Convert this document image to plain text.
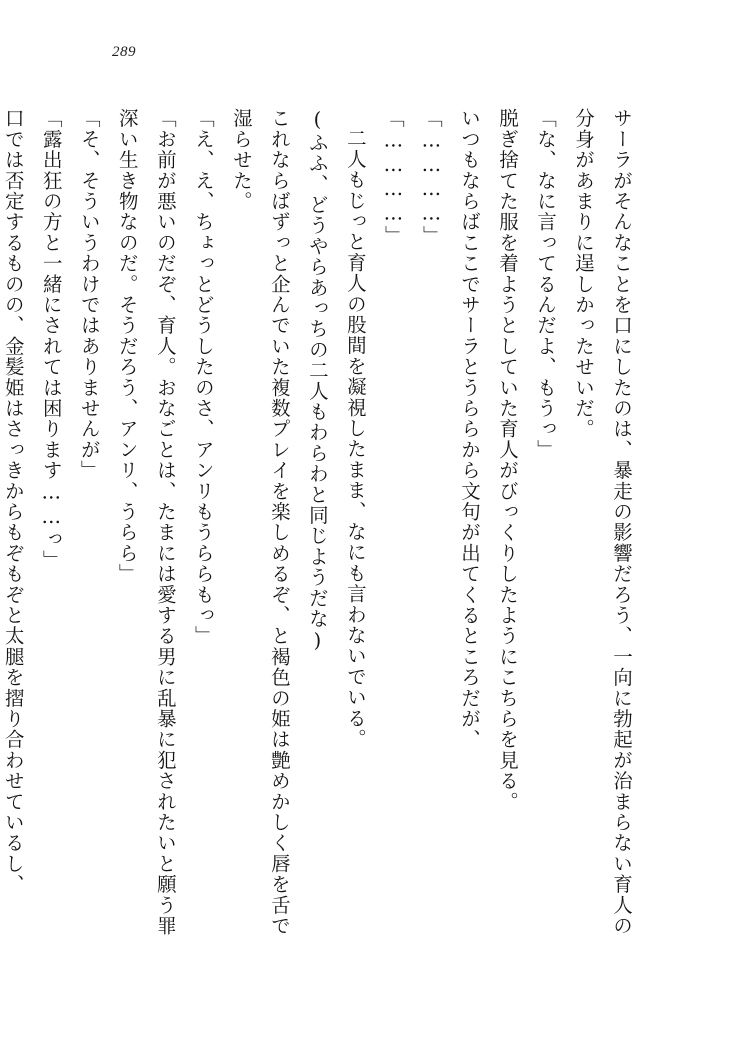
289

サーラがそんなことを口にしたのは、暴走の影響だろう、一向に勃起が治まらない育人の分身があまりに逞しかったせいだ。

「な、なに言ってるんだよ、もうっ」

脱ぎ捨てた服を着ようとしていた育人がびっくりしたようにこちらを見る。

いつもならばここでサーラとうららから文句が出てくるところだが、

「…………」

「…………」

二人もじっと育人の股間を凝視したまま、なにも言わないでいる。

(ふふ、どうやらあっちの二人もわらわと同じようだな)

これならばずっと企んでいた複数プレイを楽しめるぞ、と褐色の姫は艶めかしく唇を舌で湿らせた。

「え、え、ちょっとどうしたのさ、アンリもうららもっ」

「お前が悪いのだぞ、育人。おなごとは、たまには愛する男に乱暴に犯されたいと願う罪深い生き物なのだ。そうだろう、アンリ、うらら」

「そ、そういうわけではありませんが」

「露出狂の方と一緒にされては困ります……っ」

口では否定するものの、金髪姫はさっきからもぞもぞと太腿を摺り合わせているし、
